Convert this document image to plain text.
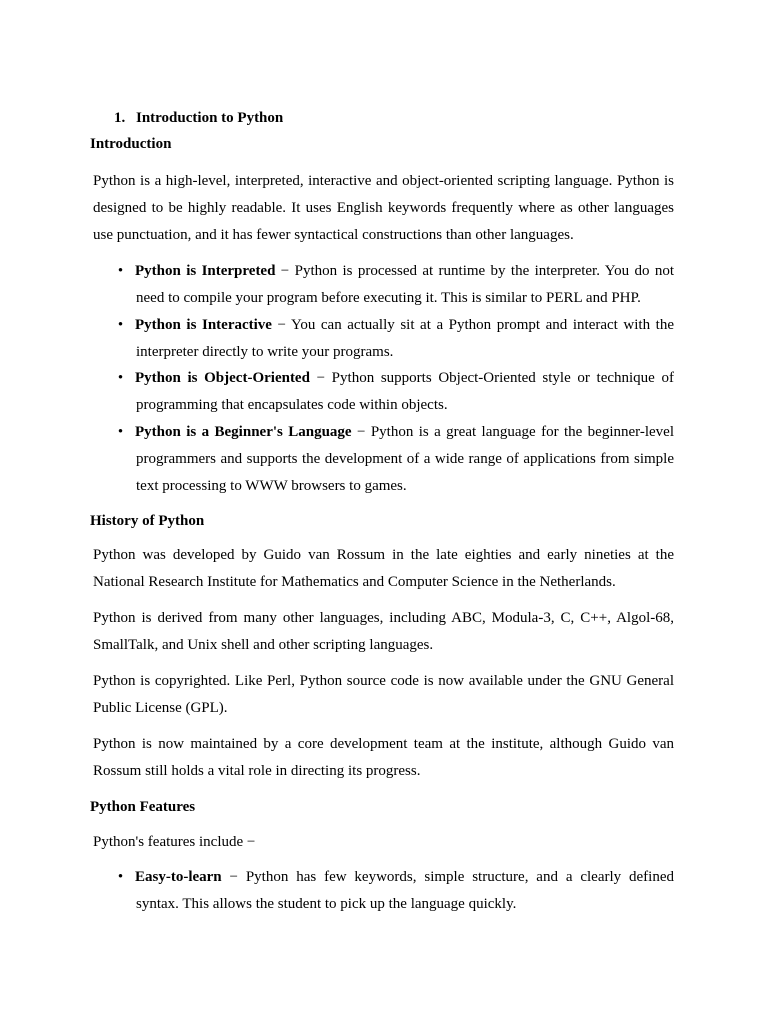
1. Introduction to Python
Introduction

Python is a high-level, interpreted, interactive and object-oriented scripting language. Python is designed to be highly readable. It uses English keywords frequently where as other languages use punctuation, and it has fewer syntactical constructions than other languages.

• Python is Interpreted − Python is processed at runtime by the interpreter. You do not need to compile your program before executing it. This is similar to PERL and PHP.
• Python is Interactive − You can actually sit at a Python prompt and interact with the interpreter directly to write your programs.
• Python is Object-Oriented − Python supports Object-Oriented style or technique of programming that encapsulates code within objects.
• Python is a Beginner's Language − Python is a great language for the beginner-level programmers and supports the development of a wide range of applications from simple text processing to WWW browsers to games.
History of Python

Python was developed by Guido van Rossum in the late eighties and early nineties at the National Research Institute for Mathematics and Computer Science in the Netherlands.

Python is derived from many other languages, including ABC, Modula-3, C, C++, Algol-68, SmallTalk, and Unix shell and other scripting languages.

Python is copyrighted. Like Perl, Python source code is now available under the GNU General Public License (GPL).

Python is now maintained by a core development team at the institute, although Guido van Rossum still holds a vital role in directing its progress.

Python Features

Python's features include −

• Easy-to-learn − Python has few keywords, simple structure, and a clearly defined syntax. This allows the student to pick up the language quickly.
